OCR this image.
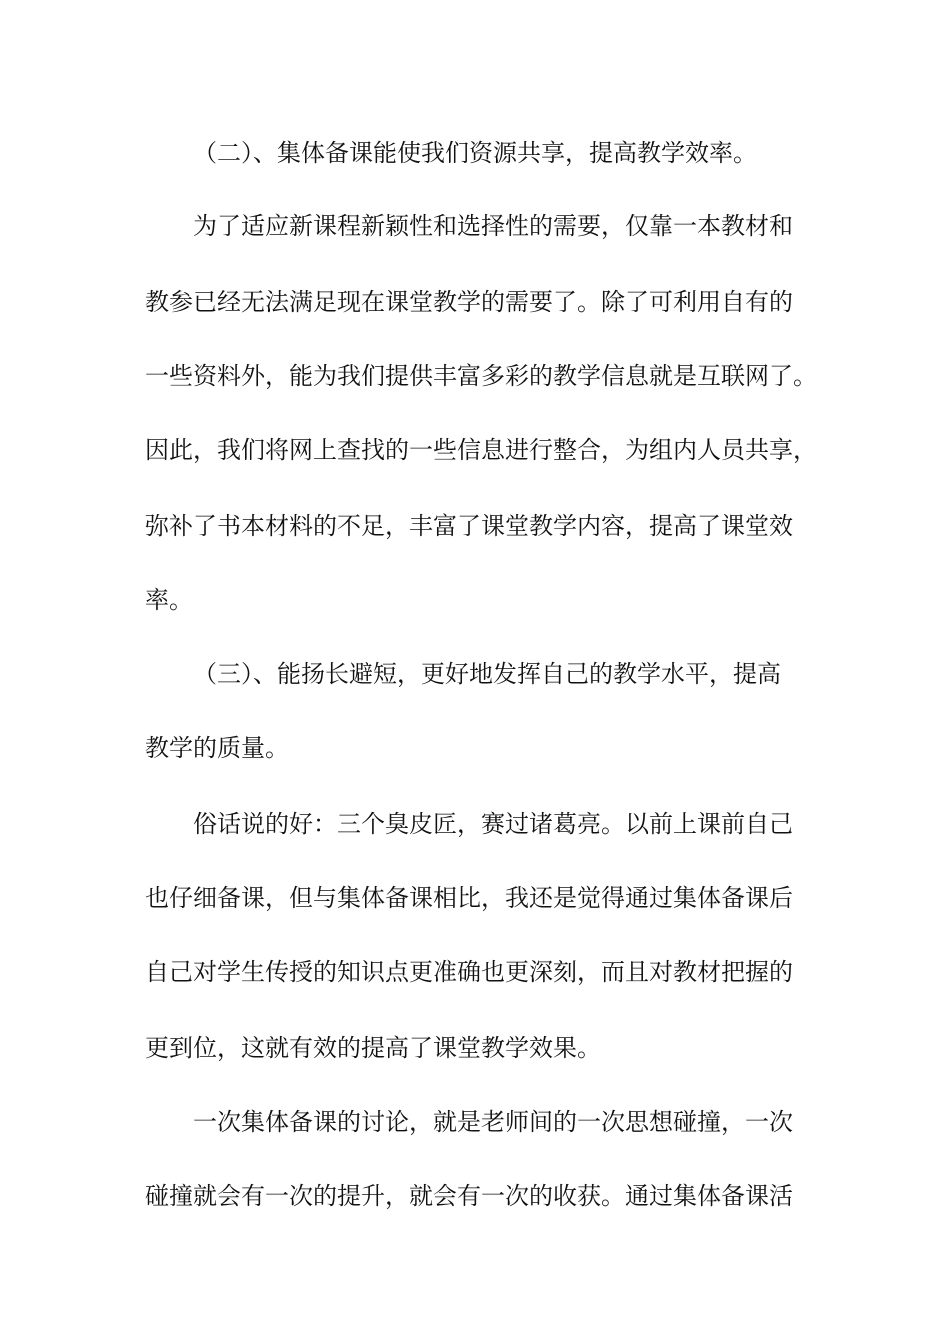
（二）、集体备课能使我们资源共享，提高教学效率。
为了适应新课程新颖性和选择性的需要，仅靠一本教材和
教参已经无法满足现在课堂教学的需要了。除了可利用自有的
一些资料外，能为我们提供丰富多彩的教学信息就是互联网了。
因此，我们将网上查找的一些信息进行整合，为组内人员共享，
弥补了书本材料的不足，丰富了课堂教学内容，提高了课堂效
率。
（三）、能扬长避短，更好地发挥自己的教学水平，提高
教学的质量。
俗话说的好：三个臭皮匠，赛过诸葛亮。以前上课前自己
也仔细备课，但与集体备课相比，我还是觉得通过集体备课后
自己对学生传授的知识点更准确也更深刻，而且对教材把握的
更到位，这就有效的提高了课堂教学效果。
一次集体备课的讨论，就是老师间的一次思想碰撞，一次
碰撞就会有一次的提升，就会有一次的收获。通过集体备课活
